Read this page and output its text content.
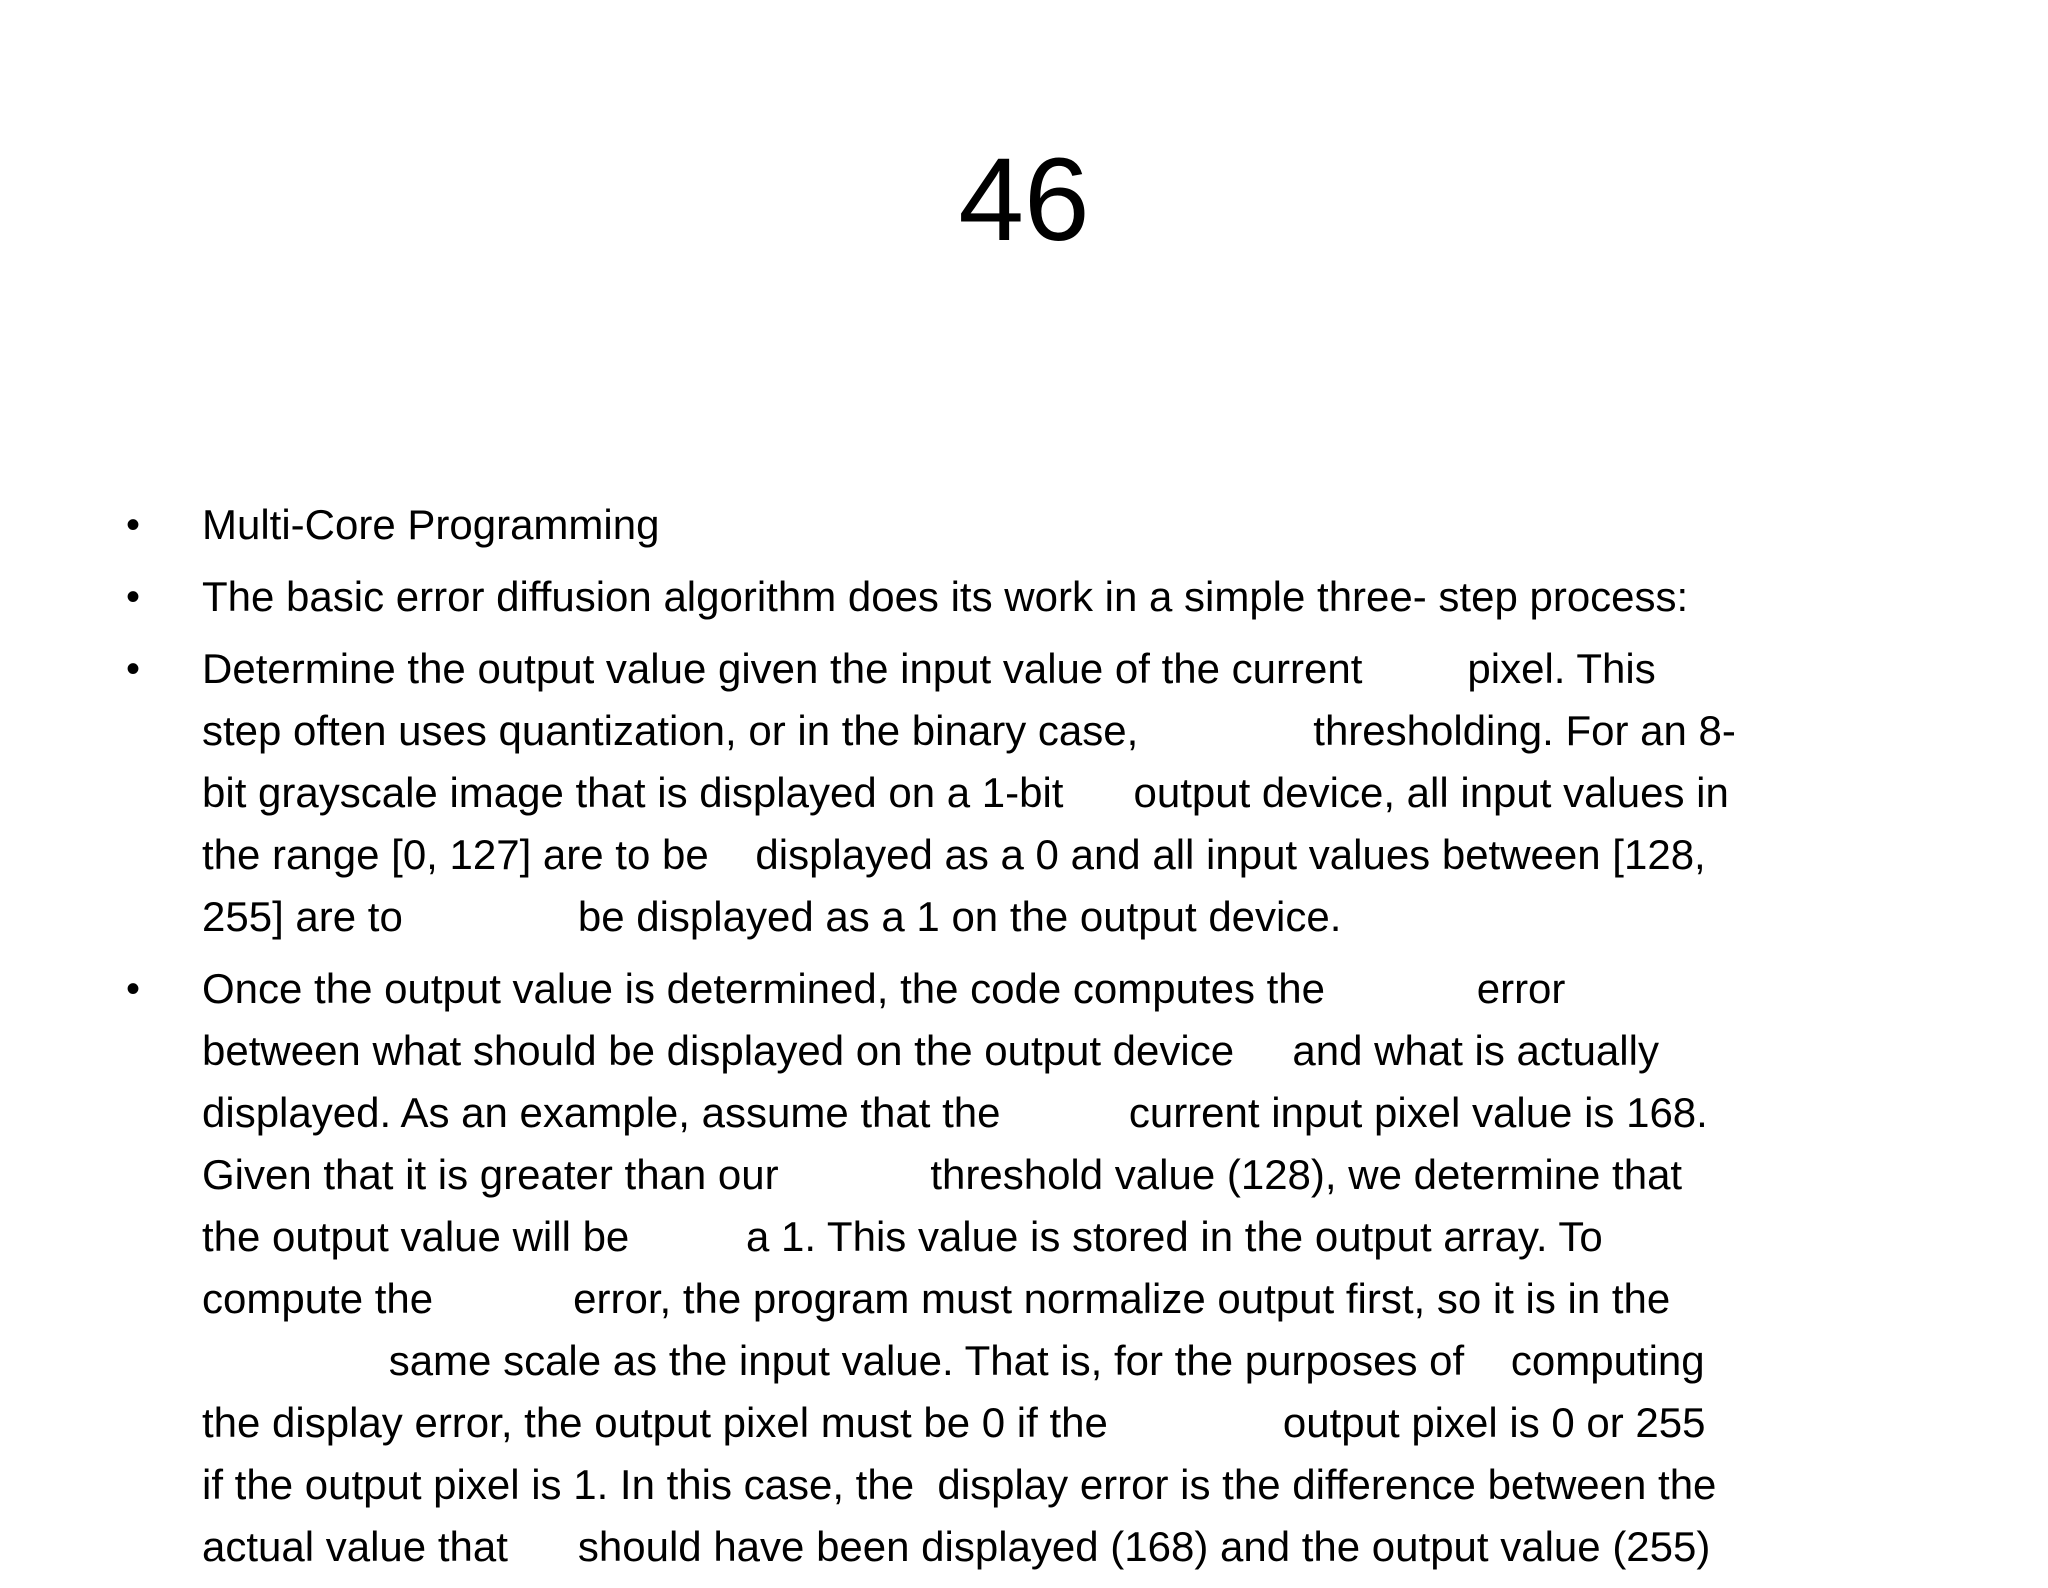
46
•	Multi-Core Programming
•	The basic error diffusion algorithm does its work in a simple three- step process:
•	Determine the output value given the input value of the current         pixel. This
step often uses quantization, or in the binary case,               thresholding. For an 8-
bit grayscale image that is displayed on a 1-bit      output device, all input values in
the range [0, 127] are to be    displayed as a 0 and all input values between [128,
255] are to               be displayed as a 1 on the output device.
•	Once the output value is determined, the code computes the             error
between what should be displayed on the output device     and what is actually
displayed. As an example, assume that the           current input pixel value is 168.
Given that it is greater than our             threshold value (128), we determine that
the output value will be          a 1. This value is stored in the output array. To
compute the            error, the program must normalize output first, so it is in the
same scale as the input value. That is, for the purposes of    computing
the display error, the output pixel must be 0 if the               output pixel is 0 or 255
if the output pixel is 1. In this case, the  display error is the difference between the
actual value that      should have been displayed (168) and the output value (255)
